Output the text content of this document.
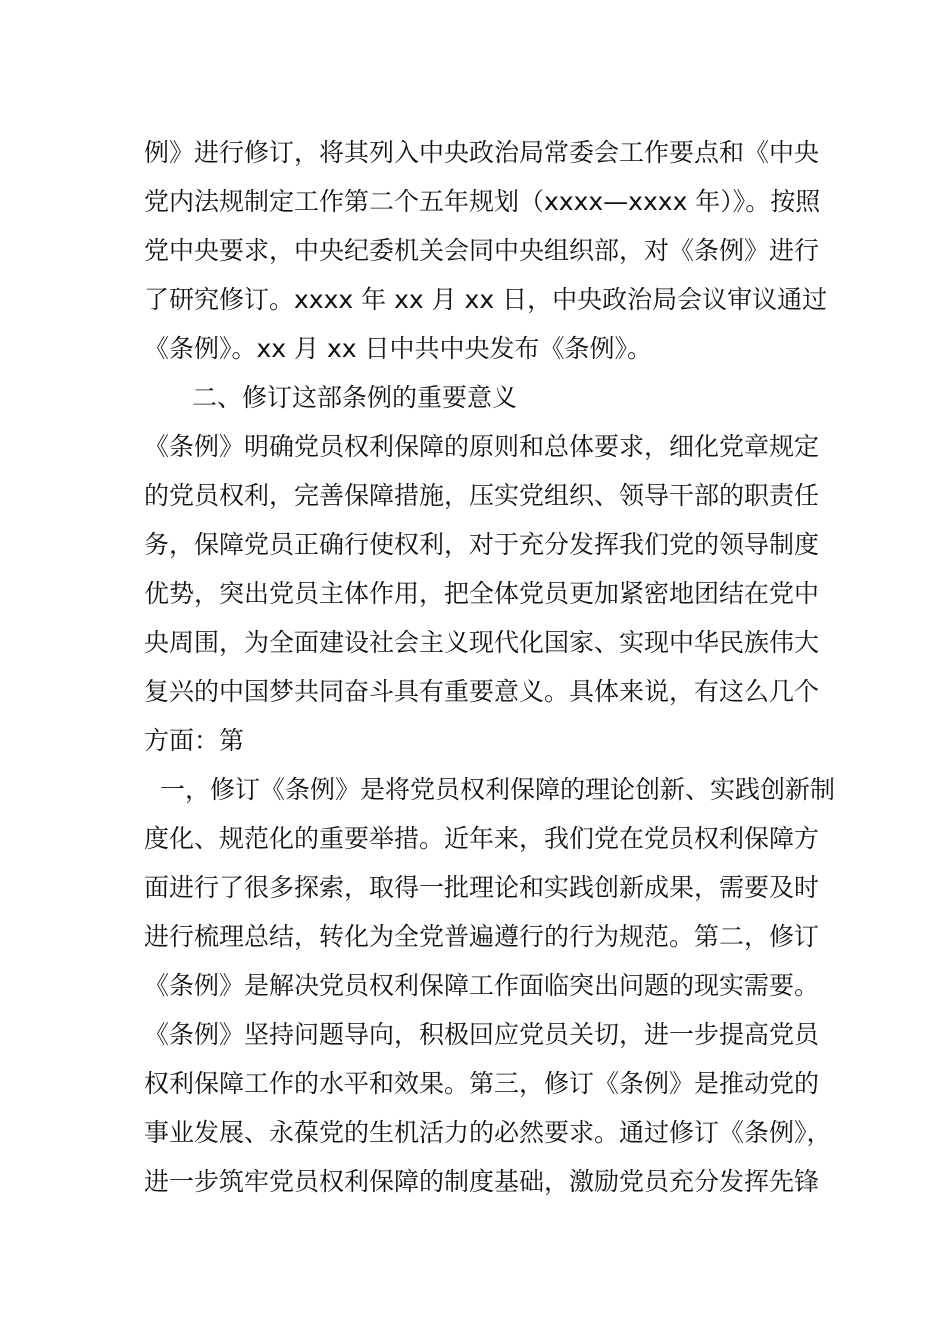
例》进行修订，将其列入中央政治局常委会工作要点和《中央
党内法规制定工作第二个五年规划（xxxx—xxxx 年）》。按照
党中央要求，中央纪委机关会同中央组织部，对《条例》进行
了研究修订。xxxx 年 xx 月 xx 日，中央政治局会议审议通过
《条例》。xx 月 xx 日中共中央发布《条例》。
二、修订这部条例的重要意义
《条例》明确党员权利保障的原则和总体要求，细化党章规定
的党员权利，完善保障措施，压实党组织、领导干部的职责任
务，保障党员正确行使权利，对于充分发挥我们党的领导制度
优势，突出党员主体作用，把全体党员更加紧密地团结在党中
央周围，为全面建设社会主义现代化国家、实现中华民族伟大
复兴的中国梦共同奋斗具有重要意义。具体来说，有这么几个
方面：第
一，修订《条例》是将党员权利保障的理论创新、实践创新制
度化、规范化的重要举措。近年来，我们党在党员权利保障方
面进行了很多探索，取得一批理论和实践创新成果，需要及时
进行梳理总结，转化为全党普遍遵行的行为规范。第二，修订
《条例》是解决党员权利保障工作面临突出问题的现实需要。
《条例》坚持问题导向，积极回应党员关切，进一步提高党员
权利保障工作的水平和效果。第三，修订《条例》是推动党的
事业发展、永葆党的生机活力的必然要求。通过修订《条例》，
进一步筑牢党员权利保障的制度基础，激励党员充分发挥先锋
